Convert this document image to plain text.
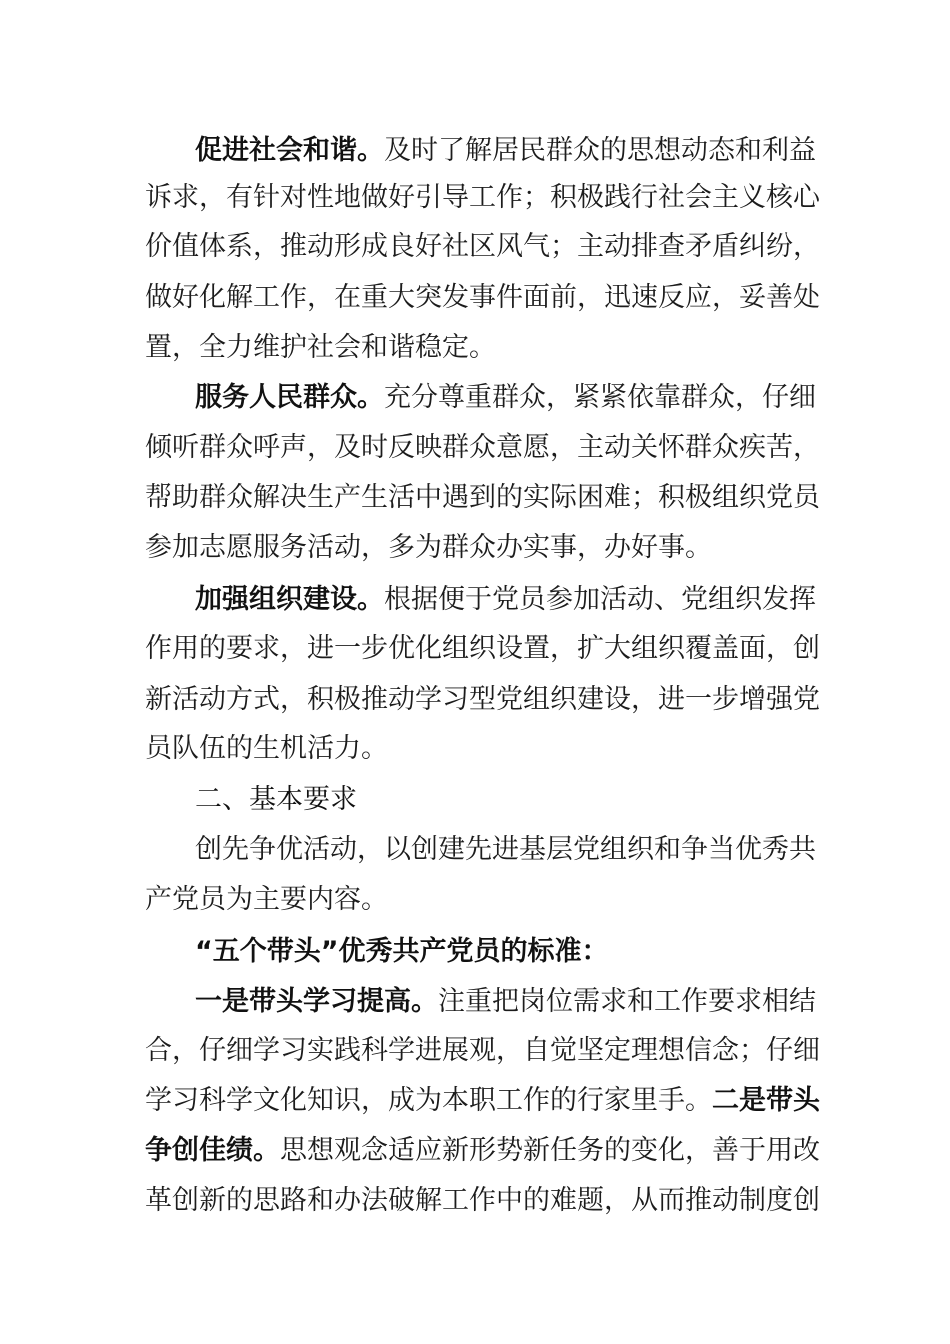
促进社会和谐。及时了解居民群众的思想动态和利益
诉求，有针对性地做好引导工作；积极践行社会主义核心
价值体系，推动形成良好社区风气；主动排查矛盾纠纷，
做好化解工作，在重大突发事件面前，迅速反应，妥善处
置，全力维护社会和谐稳定。
服务人民群众。充分尊重群众，紧紧依靠群众，仔细
倾听群众呼声，及时反映群众意愿，主动关怀群众疾苦，
帮助群众解决生产生活中遇到的实际困难；积极组织党员
参加志愿服务活动，多为群众办实事，办好事。
加强组织建设。根据便于党员参加活动、党组织发挥
作用的要求，进一步优化组织设置，扩大组织覆盖面，创
新活动方式，积极推动学习型党组织建设，进一步增强党
员队伍的生机活力。
二、基本要求
创先争优活动，以创建先进基层党组织和争当优秀共
产党员为主要内容。
“五个带头”优秀共产党员的标准：
一是带头学习提高。注重把岗位需求和工作要求相结
合，仔细学习实践科学进展观，自觉坚定理想信念；仔细
学习科学文化知识，成为本职工作的行家里手。二是带头
争创佳绩。思想观念适应新形势新任务的变化，善于用改
革创新的思路和办法破解工作中的难题，从而推动制度创
